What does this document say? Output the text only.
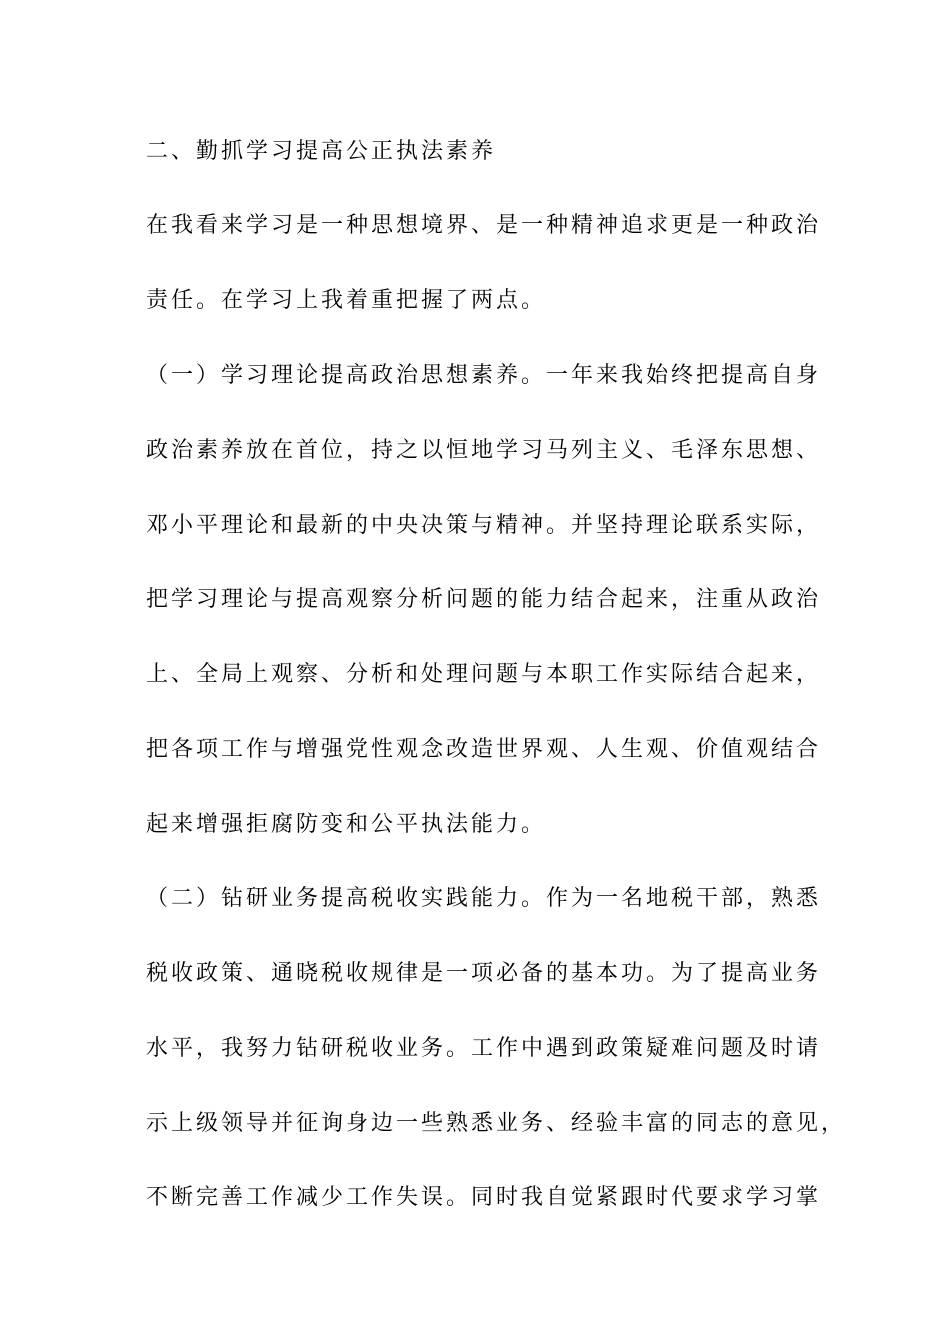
二、勤抓学习提高公正执法素养
在我看来学习是一种思想境界、是一种精神追求更是一种政治
责任。在学习上我着重把握了两点。
（一）学习理论提高政治思想素养。一年来我始终把提高自身
政治素养放在首位，持之以恒地学习马列主义、毛泽东思想、
邓小平理论和最新的中央决策与精神。并坚持理论联系实际，
把学习理论与提高观察分析问题的能力结合起来，注重从政治
上、全局上观察、分析和处理问题与本职工作实际结合起来，
把各项工作与增强党性观念改造世界观、人生观、价值观结合
起来增强拒腐防变和公平执法能力。
（二）钻研业务提高税收实践能力。作为一名地税干部，熟悉
税收政策、通晓税收规律是一项必备的基本功。为了提高业务
水平，我努力钻研税收业务。工作中遇到政策疑难问题及时请
示上级领导并征询身边一些熟悉业务、经验丰富的同志的意见，
不断完善工作减少工作失误。同时我自觉紧跟时代要求学习掌
